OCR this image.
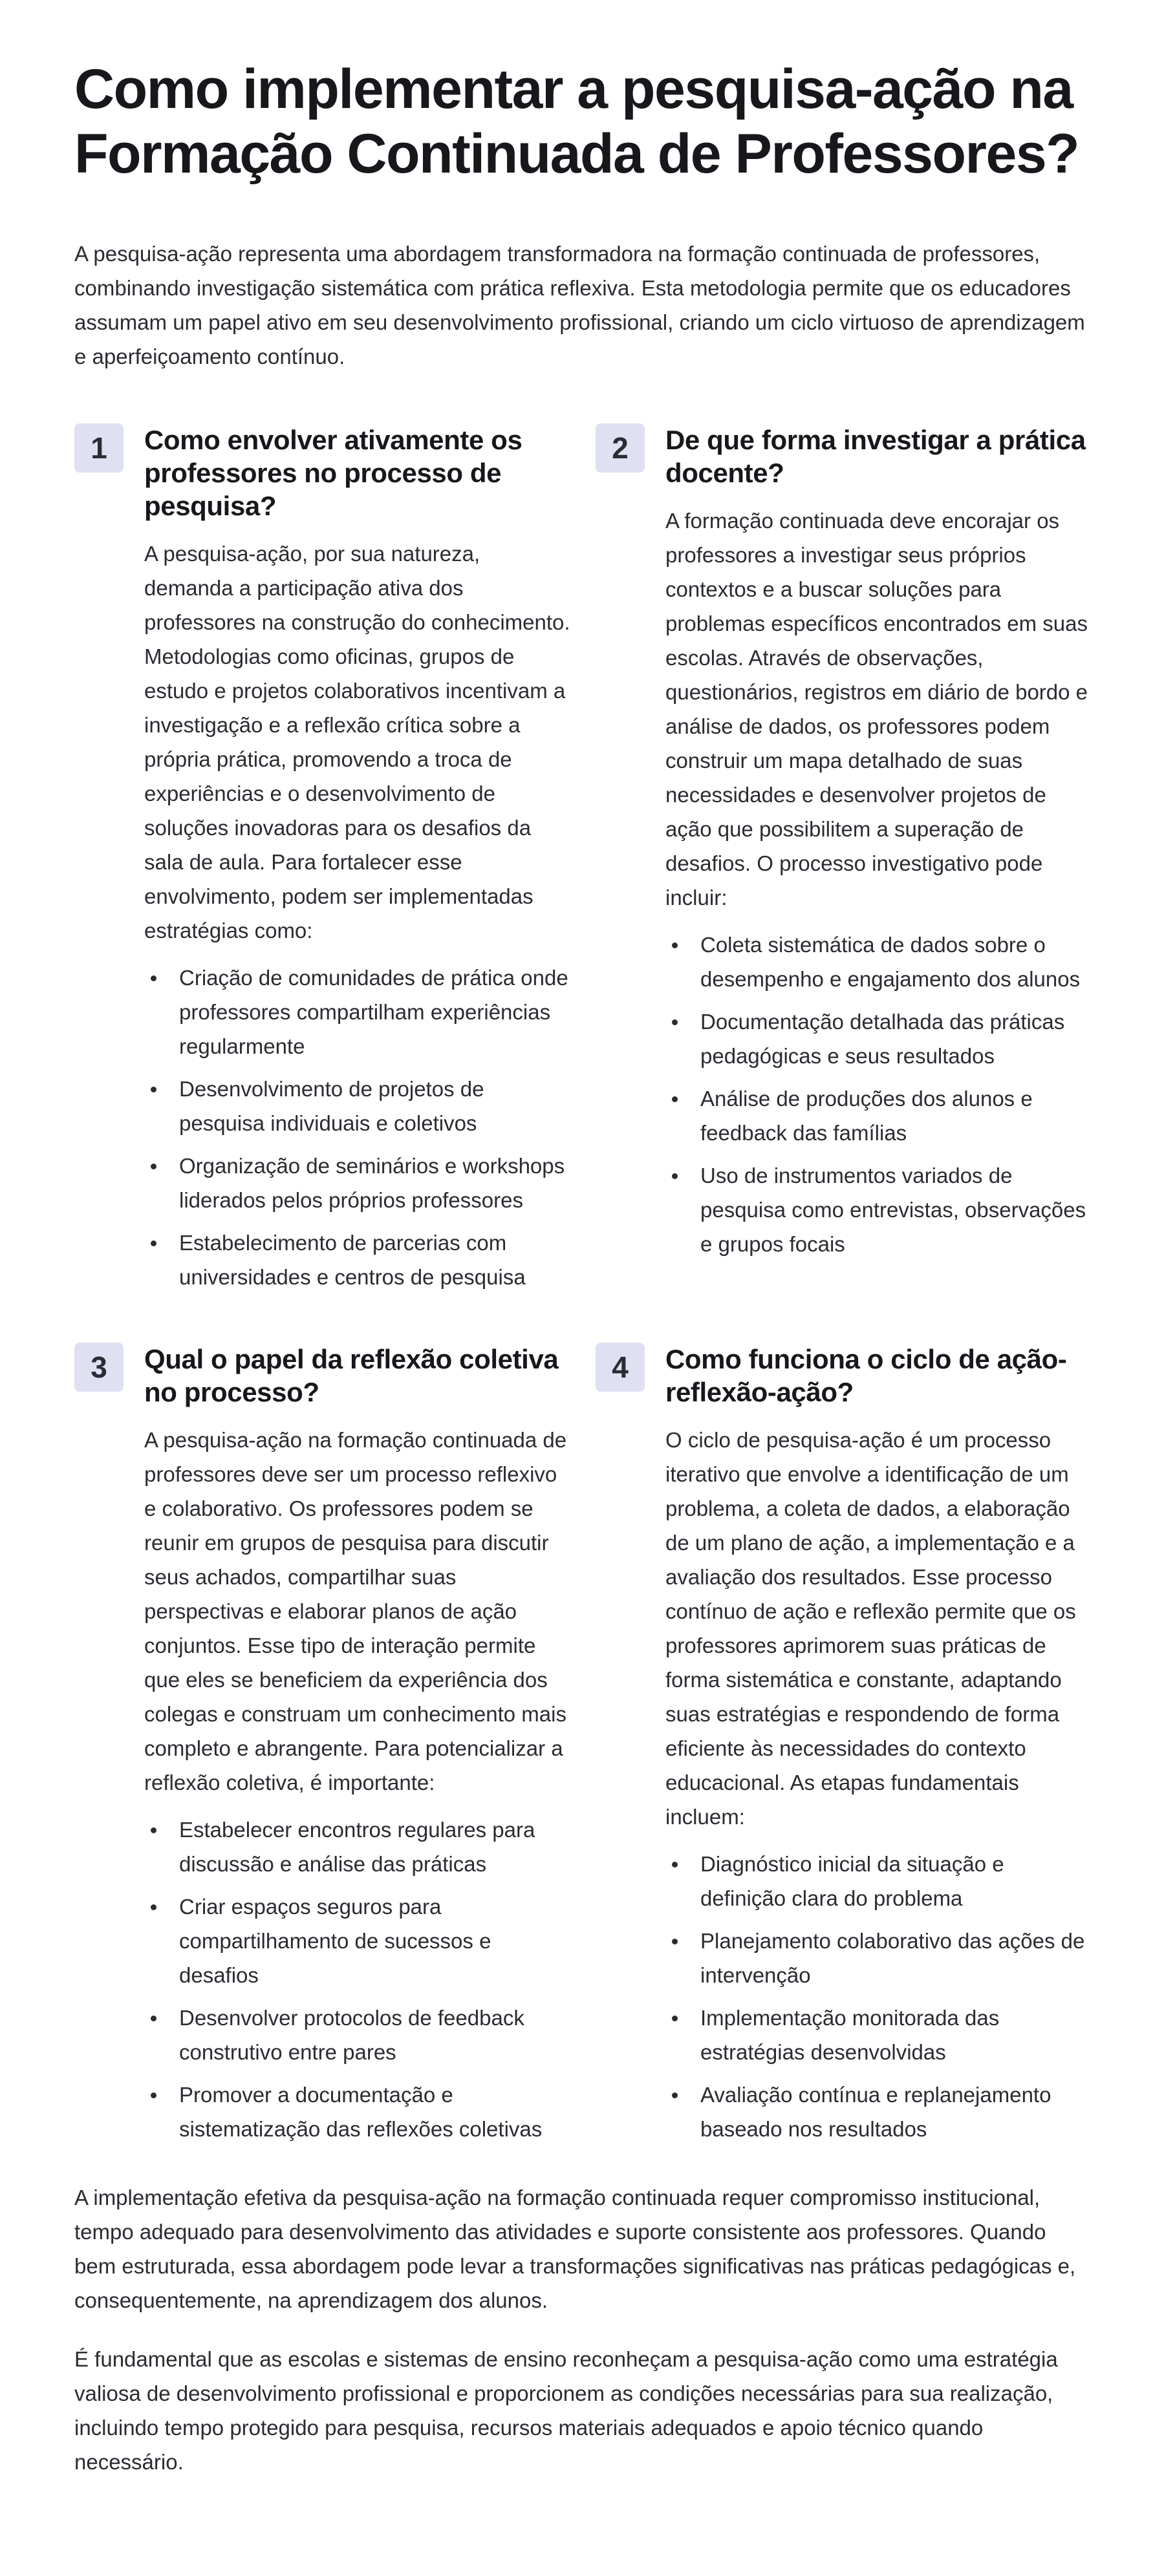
Como implementar a pesquisa-ação na Formação Continuada de Professores?

A pesquisa-ação representa uma abordagem transformadora na formação continuada de professores, combinando investigação sistemática com prática reflexiva. Esta metodologia permite que os educadores assumam um papel ativo em seu desenvolvimento profissional, criando um ciclo virtuoso de aprendizagem e aperfeiçoamento contínuo.

1	Como envolver ativamente os professores no processo de pesquisa?

A pesquisa-ação, por sua natureza, demanda a participação ativa dos professores na construção do conhecimento. Metodologias como oficinas, grupos de estudo e projetos colaborativos incentivam a investigação e a reflexão crítica sobre a própria prática, promovendo a troca de experiências e o desenvolvimento de soluções inovadoras para os desafios da sala de aula. Para fortalecer esse envolvimento, podem ser implementadas estratégias como:

Criação de comunidades de prática onde professores compartilham experiências regularmente
Desenvolvimento de projetos de pesquisa individuais e coletivos
Organização de seminários e workshops liderados pelos próprios professores
Estabelecimento de parcerias com universidades e centros de pesquisa
2	De que forma investigar a prática docente?

A formação continuada deve encorajar os professores a investigar seus próprios contextos e a buscar soluções para problemas específicos encontrados em suas escolas. Através de observações, questionários, registros em diário de bordo e análise de dados, os professores podem construir um mapa detalhado de suas necessidades e desenvolver projetos de ação que possibilitem a superação de desafios. O processo investigativo pode incluir:

Coleta sistemática de dados sobre o desempenho e engajamento dos alunos
Documentação detalhada das práticas pedagógicas e seus resultados
Análise de produções dos alunos e feedback das famílias
Uso de instrumentos variados de pesquisa como entrevistas, observações e grupos focais
3	Qual o papel da reflexão coletiva no processo?

A pesquisa-ação na formação continuada de professores deve ser um processo reflexivo e colaborativo. Os professores podem se reunir em grupos de pesquisa para discutir seus achados, compartilhar suas perspectivas e elaborar planos de ação conjuntos. Esse tipo de interação permite que eles se beneficiem da experiência dos colegas e construam um conhecimento mais completo e abrangente. Para potencializar a reflexão coletiva, é importante:

Estabelecer encontros regulares para discussão e análise das práticas
Criar espaços seguros para compartilhamento de sucessos e desafios
Desenvolver protocolos de feedback construtivo entre pares
Promover a documentação e sistematização das reflexões coletivas
4	Como funciona o ciclo de ação-reflexão-ação?

O ciclo de pesquisa-ação é um processo iterativo que envolve a identificação de um problema, a coleta de dados, a elaboração de um plano de ação, a implementação e a avaliação dos resultados. Esse processo contínuo de ação e reflexão permite que os professores aprimorem suas práticas de forma sistemática e constante, adaptando suas estratégias e respondendo de forma eficiente às necessidades do contexto educacional. As etapas fundamentais incluem:

Diagnóstico inicial da situação e definição clara do problema
Planejamento colaborativo das ações de intervenção
Implementação monitorada das estratégias desenvolvidas
Avaliação contínua e replanejamento baseado nos resultados

A implementação efetiva da pesquisa-ação na formação continuada requer compromisso institucional, tempo adequado para desenvolvimento das atividades e suporte consistente aos professores. Quando bem estruturada, essa abordagem pode levar a transformações significativas nas práticas pedagógicas e, consequentemente, na aprendizagem dos alunos.

É fundamental que as escolas e sistemas de ensino reconheçam a pesquisa-ação como uma estratégia valiosa de desenvolvimento profissional e proporcionem as condições necessárias para sua realização, incluindo tempo protegido para pesquisa, recursos materiais adequados e apoio técnico quando necessário.
